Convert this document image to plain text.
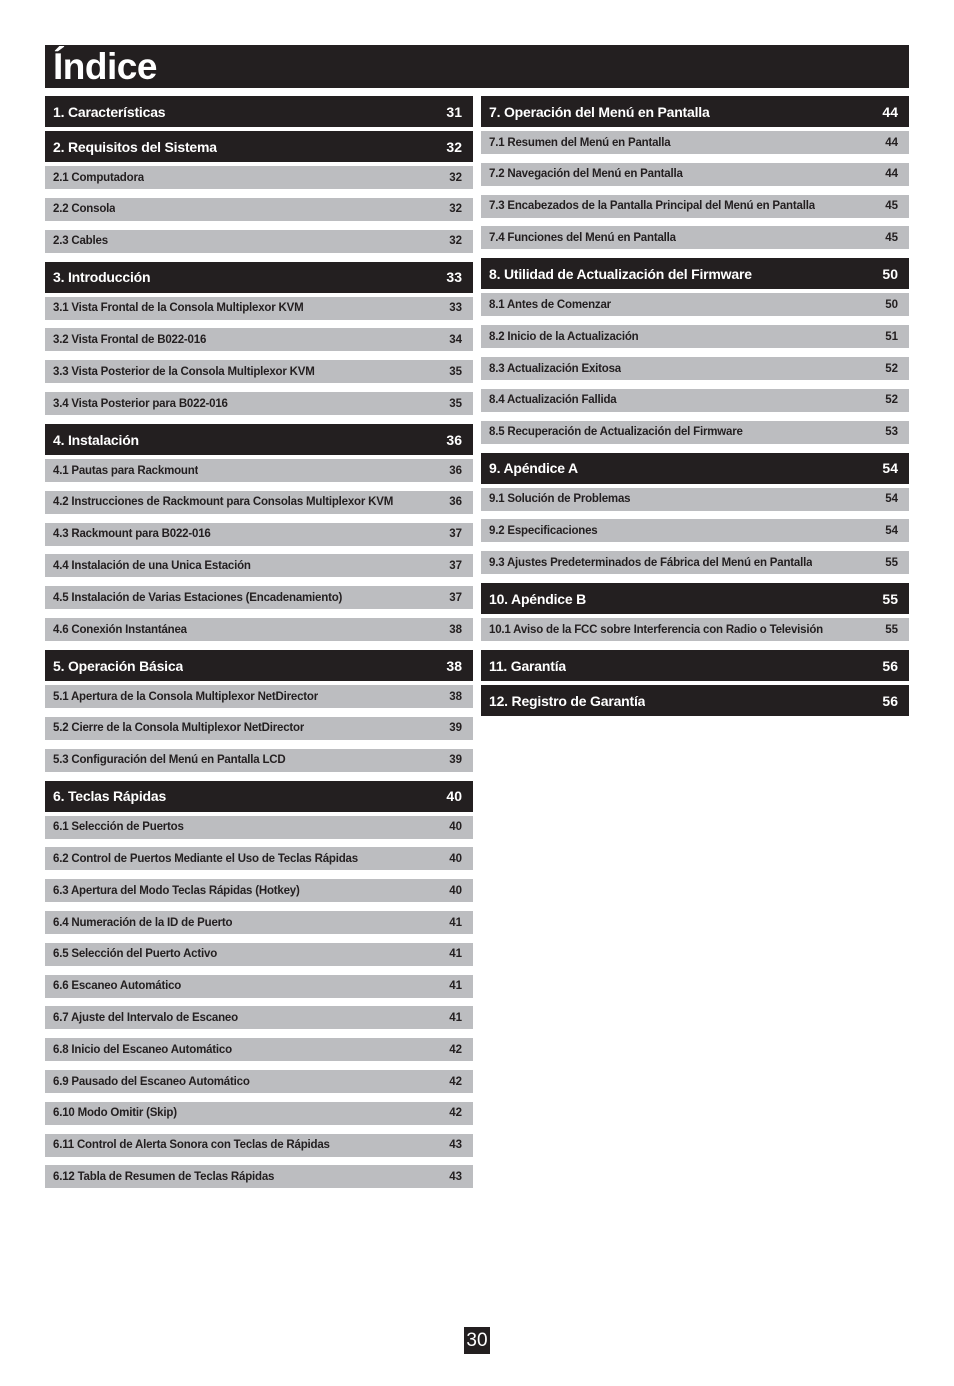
Índice
1. Características	31
2. Requisitos del Sistema	32
2.1 Computadora	32
2.2 Consola	32
2.3 Cables	32
3. Introducción	33
3.1 Vista Frontal de la Consola Multiplexor KVM	33
3.2 Vista Frontal de B022-016	34
3.3 Vista Posterior de la Consola Multiplexor KVM	35
3.4 Vista Posterior para B022-016	35
4. Instalación	36
4.1 Pautas para Rackmount	36
4.2 Instrucciones de Rackmount para Consolas Multiplexor KVM	36
4.3 Rackmount para B022-016	37
4.4 Instalación de una Única Estación	37
4.5 Instalación de Varias Estaciones (Encadenamiento)	37
4.6 Conexión Instantánea	38
5. Operación Básica	38
5.1 Apertura de la Consola Multiplexor NetDirector	38
5.2 Cierre de la Consola Multiplexor NetDirector	39
5.3 Configuración del Menú en Pantalla LCD	39
6. Teclas Rápidas	40
6.1 Selección de Puertos	40
6.2 Control de Puertos Mediante el Uso de Teclas Rápidas	40
6.3 Apertura del Modo Teclas Rápidas (Hotkey)	40
6.4 Numeración de la ID de Puerto	41
6.5 Selección del Puerto Activo	41
6.6 Escaneo Automático	41
6.7 Ajuste del Intervalo de Escaneo	41
6.8 Inicio del Escaneo Automático	42
6.9 Pausado del Escaneo Automático	42
6.10 Modo Omitir (Skip)	42
6.11 Control de Alerta Sonora con Teclas de Rápidas	43
6.12 Tabla de Resumen de Teclas Rápidas	43
7. Operación del Menú en Pantalla	44
7.1 Resumen del Menú en Pantalla	44
7.2 Navegación del Menú en Pantalla	44
7.3 Encabezados de la Pantalla Principal del Menú en Pantalla	45
7.4 Funciones del Menú en Pantalla	45
8. Utilidad de Actualización del Firmware	50
8.1 Antes de Comenzar	50
8.2 Inicio de la Actualización	51
8.3 Actualización Exitosa	52
8.4 Actualización Fallida	52
8.5 Recuperación de Actualización del Firmware	53
9. Apéndice A	54
9.1 Solución de Problemas	54
9.2 Especificaciones	54
9.3 Ajustes Predeterminados de Fábrica del Menú en Pantalla	55
10. Apéndice B	55
10.1 Aviso de la FCC sobre Interferencia con Radio o Televisión	55
11. Garantía	56
12. Registro de Garantía	56
30
